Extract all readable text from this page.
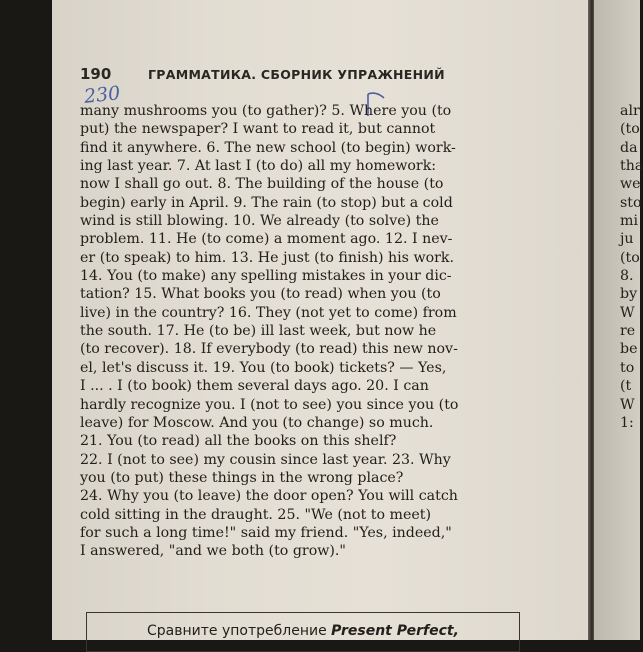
190	ГРАММАТИКА. СБОРНИК УПРАЖНЕНИЙ
230
many mushrooms you (to gather)? 5. Where you (to
put) the newspaper? I want to read it, but cannot
find it anywhere. 6. The new school (to begin) work-
ing last year. 7. At last I (to do) all my homework:
now I shall go out. 8. The building of the house (to
begin) early in April. 9. The rain (to stop) but a cold
wind is still blowing. 10. We already (to solve) the
problem. 11. He (to come) a moment ago. 12. I nev-
er (to speak) to him. 13. He just (to finish) his work.
14. You (to make) any spelling mistakes in your dic-
tation? 15. What books you (to read) when you (to
live) in the country? 16. They (not yet to come) from
the south. 17. He (to be) ill last week, but now he
(to recover). 18. If everybody (to read) this new nov-
el, let's discuss it. 19. You (to book) tickets? — Yes,
I ... . I (to book) them several days ago. 20. I can
hardly recognize you. I (not to see) you since you (to
leave) for Moscow. And you (to change) so much.
21. You (to read) all the books on this shelf?
22. I (not to see) my cousin since last year. 23. Why
you (to put) these things in the wrong place?
24. Why you (to leave) the door open? You will catch
cold sitting in the draught. 25. "We (not to meet)
for such a long time!" said my friend. "Yes, indeed,"
I answered, "and we both (to grow)."
alr
(to
da
tha
we
sto
mi
ju
(to
8.
by
W
re
be
to
(t
W
1:
Сравните употребление Present Perfect,
